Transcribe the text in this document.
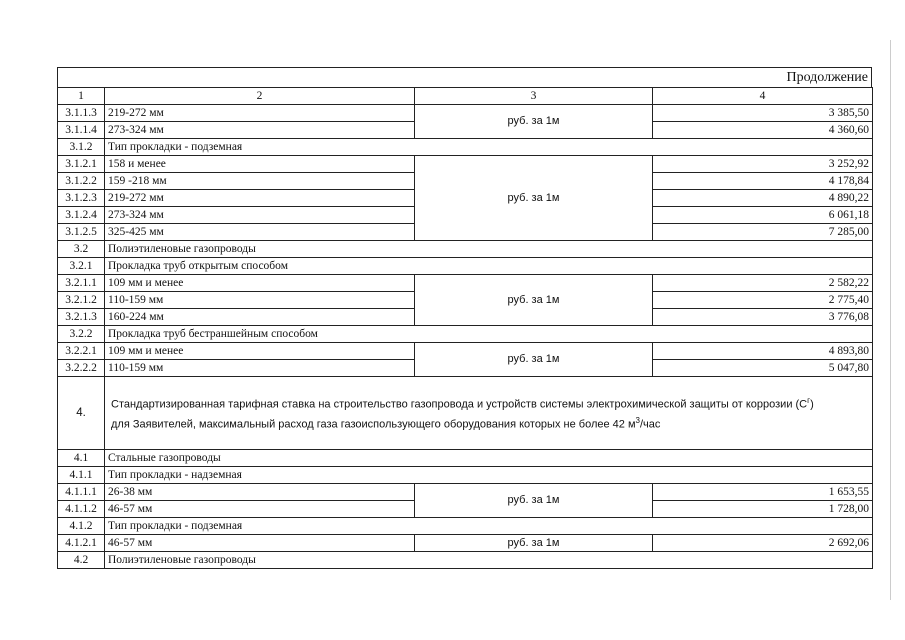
Продолжение
1	2	3	4
3.1.1.3	219-272 мм	руб. за 1м	3 385,50
3.1.1.4	273-324 мм		4 360,60
3.1.2	Тип прокладки - подземная		
3.1.2.1	158 и менее	руб. за 1м	3 252,92
3.1.2.2	159 -218 мм		4 178,84
3.1.2.3	219-272 мм		4 890,22
3.1.2.4	273-324 мм		6 061,18
3.1.2.5	325-425 мм		7 285,00
3.2	Полиэтиленовые газопроводы		
3.2.1	Прокладка труб открытым способом		
3.2.1.1	109 мм и менее	руб. за 1м	2 582,22
3.2.1.2	110-159 мм		2 775,40
3.2.1.3	160-224 мм		3 776,08
3.2.2	Прокладка труб бестраншейным способом		
3.2.2.1	109 мм и менее	руб. за 1м	4 893,80
3.2.2.2	110-159 мм		5 047,80
4.	Стандартизированная тарифная ставка на строительство газопровода и устройств системы электрохимической защиты от коррозии $(С^г)$
для Заявителей, максимальный расход газа газоиспользующего оборудования которых не более 42 $м^3$/час		
4.1	Стальные газопроводы		
4.1.1	Тип прокладки - надземная		
4.1.1.1	26-38 мм	руб. за 1м	1 653,55
4.1.1.2	46-57 мм		1 728,00
4.1.2	Тип прокладки - подземная		
4.1.2.1	46-57 мм	руб. за 1м	2 692,06
4.2	Полиэтиленовые газопроводы		
